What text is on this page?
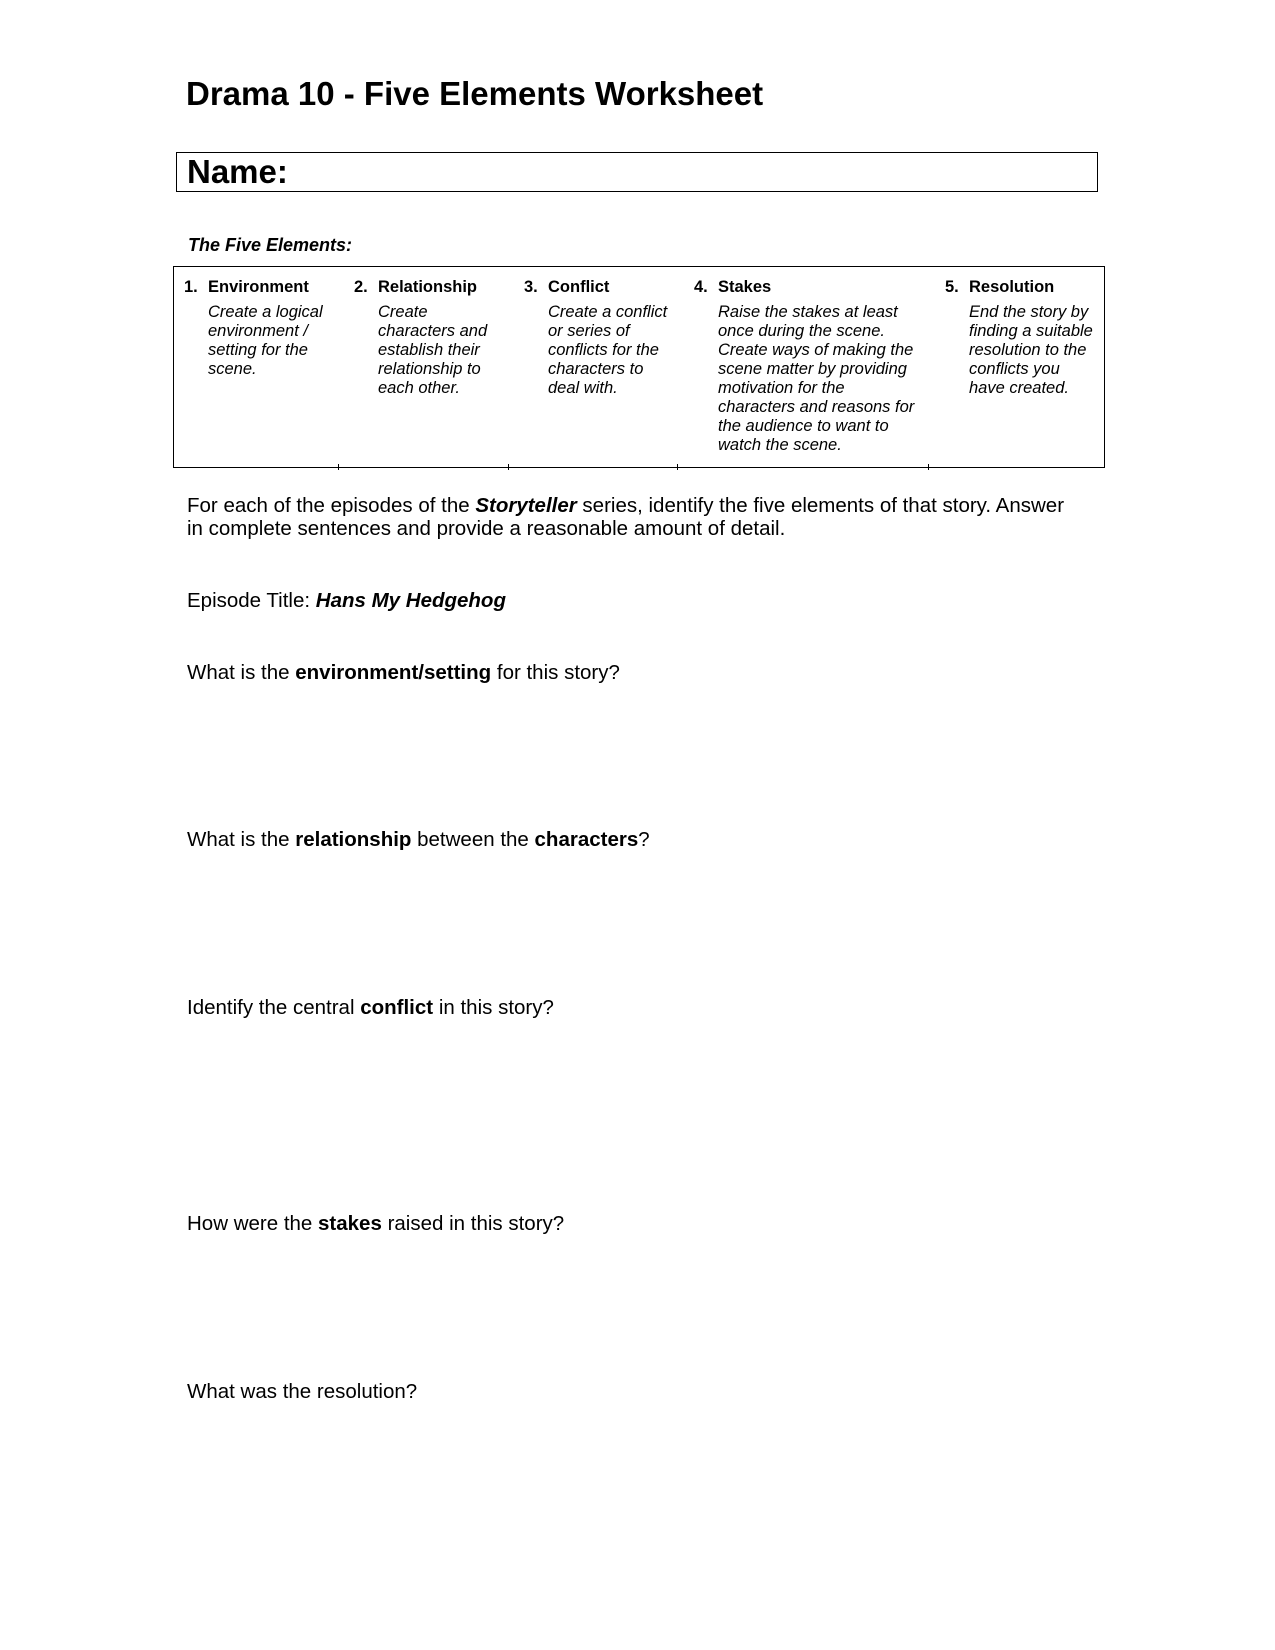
Drama 10 - Five Elements Worksheet
Name:
The Five Elements:
1. Environment
Create a logical
environment /
setting for the
scene.
2. Relationship
Create
characters and
establish their
relationship to
each other.
3. Conflict
Create a conflict
or series of
conflicts for the
characters to
deal with.
4. Stakes
Raise the stakes at least
once during the scene.
Create ways of making the
scene matter by providing
motivation for the
characters and reasons for
the audience to want to
watch the scene.
5. Resolution
End the story by
finding a suitable
resolution to the
conflicts you
have created.
For each of the episodes of the Storyteller series, identify the five elements of that story. Answer
in complete sentences and provide a reasonable amount of detail.
Episode Title: Hans My Hedgehog
What is the environment/setting for this story?
What is the relationship between the characters?
Identify the central conflict in this story?
How were the stakes raised in this story?
What was the resolution?
